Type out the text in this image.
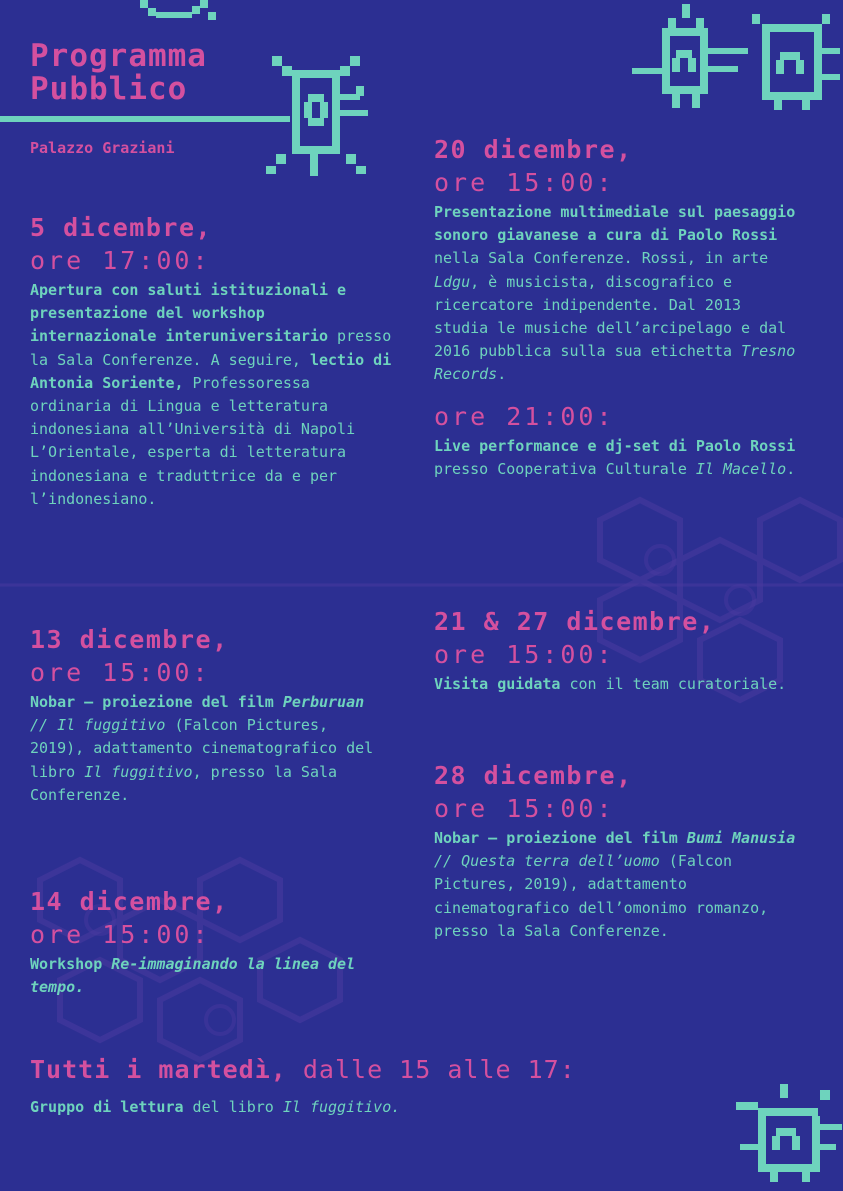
Programma
Pubblico
Palazzo Graziani
5 dicembre,
ore 17:00:

Apertura con saluti istituzionali e presentazione del workshop internazionale interuniversitario presso la Sala Conferenze. A seguire, lectio di Antonia Soriente, Professoressa ordinaria di Lingua e letteratura indonesiana all’Università di Napoli L’Orientale, esperta di letteratura indonesiana e traduttrice da e per l’indonesiano.

13 dicembre,
ore 15:00:

Nobar – proiezione del film Perburuan // Il fuggitivo (Falcon Pictures, 2019), adattamento cinematografico del libro Il fuggitivo, presso la Sala Conferenze.

14 dicembre,
ore 15:00:

Workshop Re-immaginando la linea del tempo.

20 dicembre,
ore 15:00:

Presentazione multimediale sul paesaggio sonoro giavanese a cura di Paolo Rossi nella Sala Conferenze. Rossi, in arte Ldgu, è musicista, discografico e ricercatore indipendente. Dal 2013 studia le musiche dell’arcipelago e dal 2016 pubblica sulla sua etichetta Tresno Records.

ore 21:00:

Live performance e dj-set di Paolo Rossi presso Cooperativa Culturale Il Macello.

21 & 27 dicembre,
ore 15:00:

Visita guidata con il team curatoriale.

28 dicembre,
ore 15:00:

Nobar – proiezione del film Bumi Manusia // Questa terra dell’uomo (Falcon Pictures, 2019), adattamento cinematografico dell’omonimo romanzo, presso la Sala Conferenze.

Tutti i martedì, dalle 15 alle 17:

Gruppo di lettura del libro Il fuggitivo.
